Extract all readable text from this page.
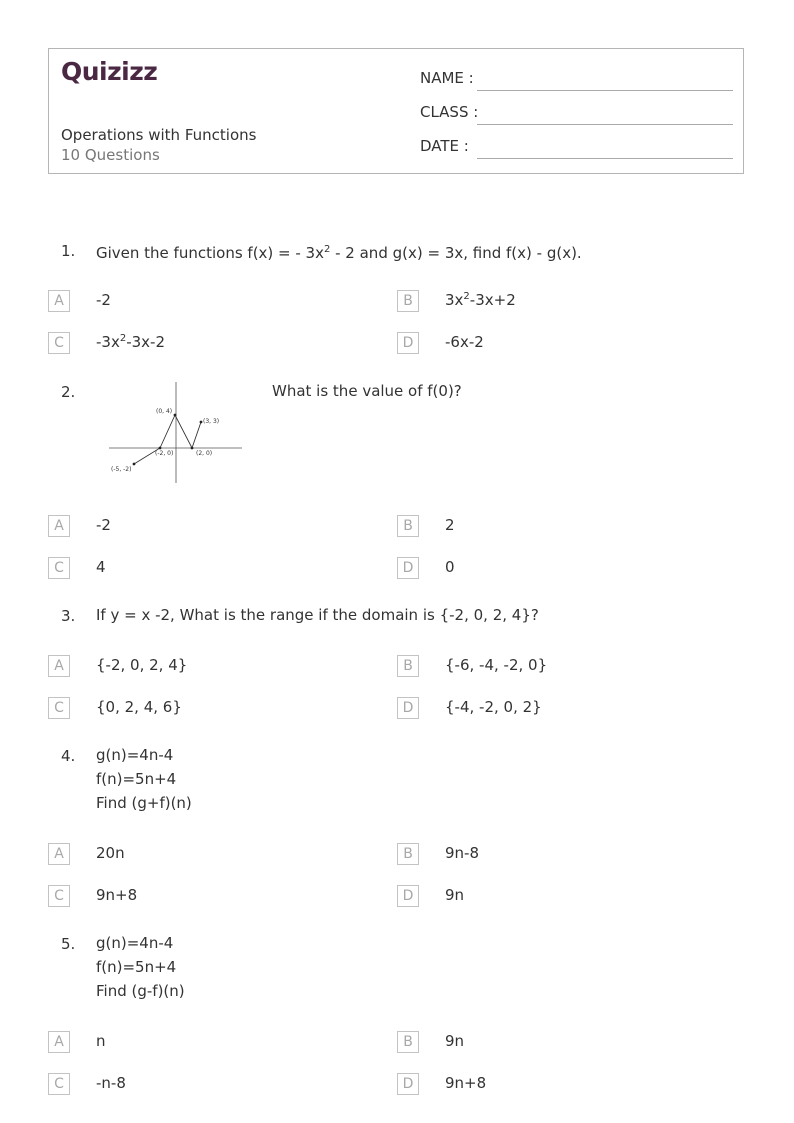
Quizizz
Operations with Functions
10 Questions
NAME :
CLASS :
DATE :
1. Given the functions f(x) = - $3x^2 - 2$ and g(x) = 3x, find f(x) - g(x).
A	-2	B	$3x^2-3x+2$
C	$-3x^2-3x-2$	D	-6x-2
2.
(0, 4)
(3, 3)
(-2, 0)	(2, 0)
(-5, -2)
What is the value of f(0)?
A	-2	B	2
C	4	D	0
3. If y = x -2, What is the range if the domain is {-2, 0, 2, 4}?
A	{-2, 0, 2, 4}	B	{-6, -4, -2, 0}
C	{0, 2, 4, 6}	D	{-4, -2, 0, 2}
4. g(n)=4n-4
f(n)=5n+4
Find (g+f)(n)
A	20n	B	9n-8
C	9n+8	D	9n
5. g(n)=4n-4
f(n)=5n+4
Find (g-f)(n)
A	n	B	9n
C	-n-8	D	9n+8
